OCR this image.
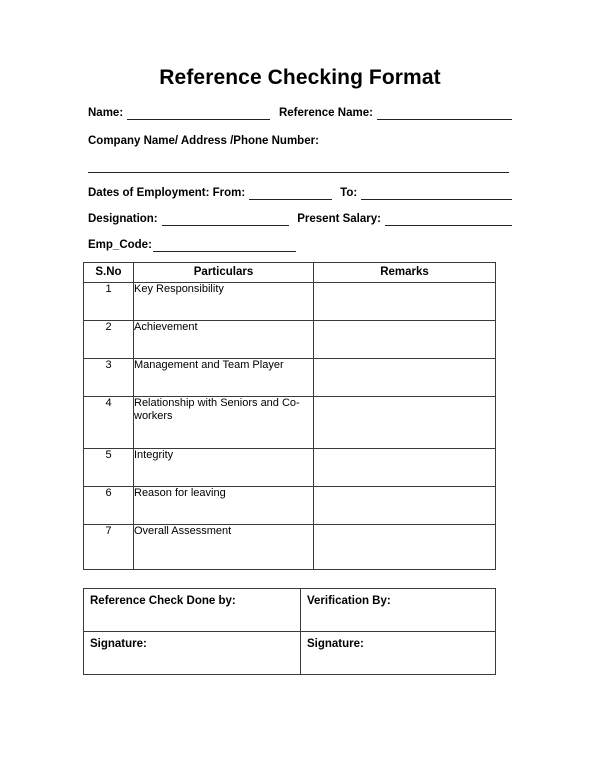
Reference Checking Format
Name:	Reference Name:
Company Name/ Address /Phone Number:
Dates of Employment: From:	To:
Designation:	Present Salary:
Emp_Code:
S.No	Particulars	Remarks
1	Key Responsibility	
2	Achievement	
3	Management and Team Player	
4	Relationship with Seniors and Co-workers	
5	Integrity	
6	Reason for leaving	
7	Overall Assessment	
Reference Check Done by:	Verification By:
Signature:	Signature:
